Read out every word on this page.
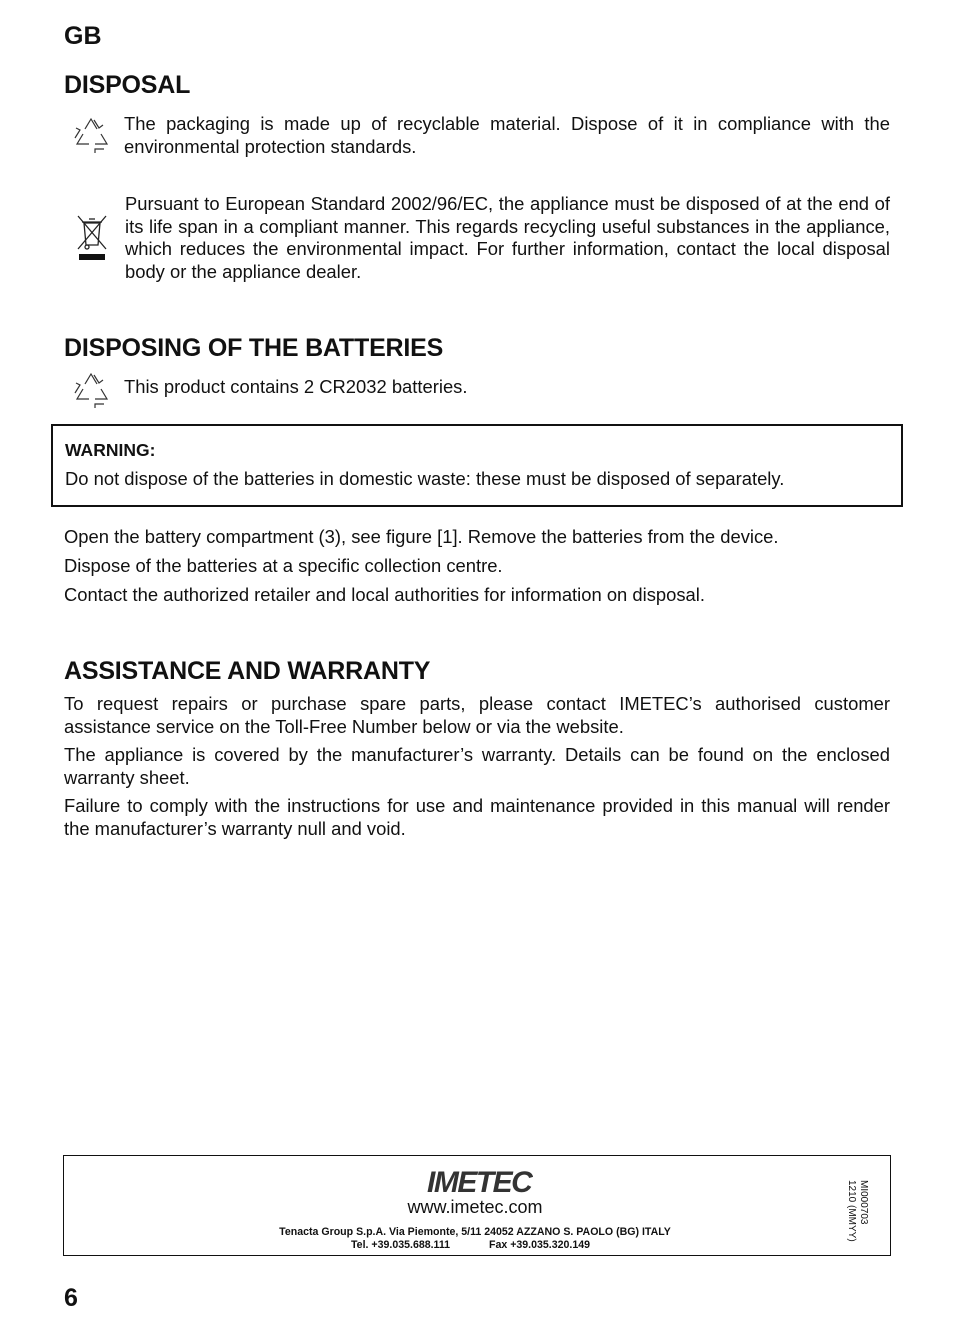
GB
DISPOSAL
The packaging is made up of recyclable material. Dispose of it in compliance with the environmental protection standards.
Pursuant to European Standard 2002/96/EC, the appliance must be disposed of at the end of its life span in a compliant manner. This regards recycling useful substances in the appliance, which reduces the environmental impact. For further information, contact the local disposal body or the appliance dealer.
DISPOSING OF THE BATTERIES
This product contains 2 CR2032 batteries.
WARNING:
Do not dispose of the batteries in domestic waste: these must be disposed of separately.
Open the battery compartment (3), see figure [1]. Remove the batteries from the device.
Dispose of the batteries at a specific collection centre.
Contact the authorized retailer and local authorities for information on disposal.
ASSISTANCE AND WARRANTY
To request repairs or purchase spare parts, please contact IMETEC’s authorised customer assistance service on the Toll-Free Number below or via the website.
The appliance is covered by the manufacturer’s warranty. Details can be found on the enclosed warranty sheet.
Failure to comply with the instructions for use and maintenance provided in this manual will render the manufacturer’s warranty null and void.
IMETEC
www.imetec.com
Tenacta Group S.p.A. Via Piemonte, 5/11 24052 AZZANO S. PAOLO (BG) ITALY
Tel. +39.035.688.111	Fax +39.035.320.149
MI000703
1210 (MMYY)
6
